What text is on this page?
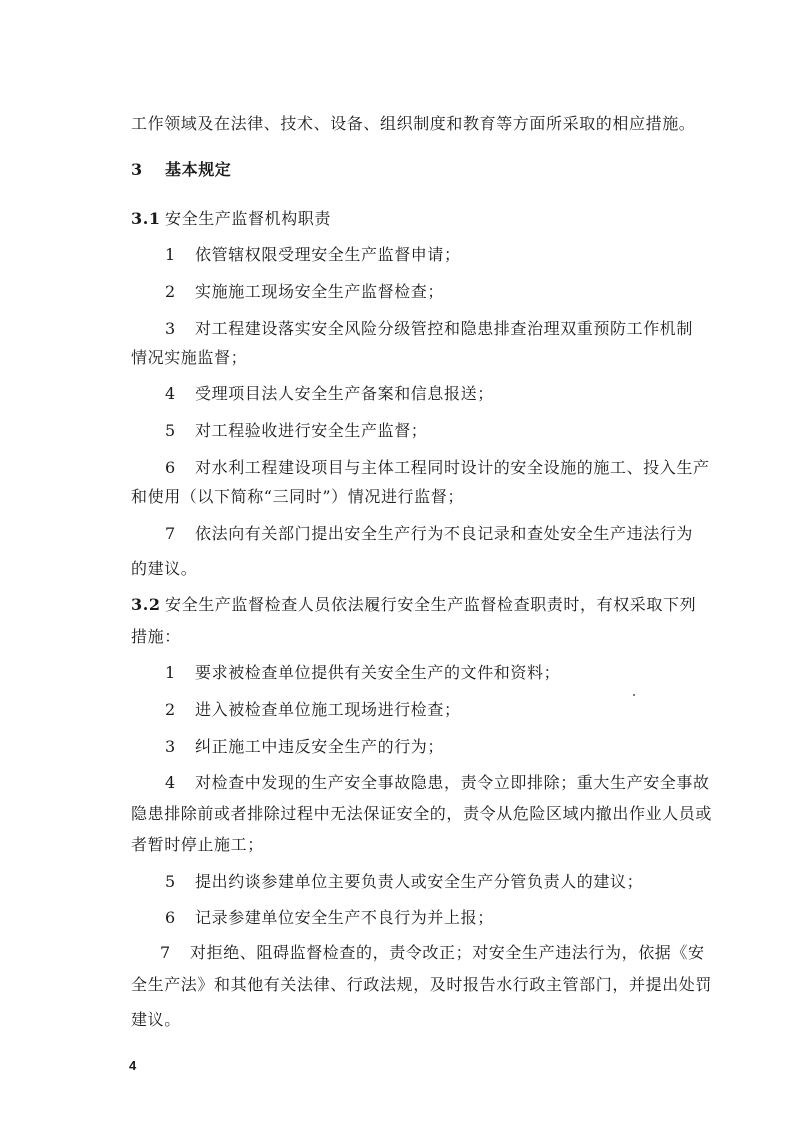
工作领域及在法律、技术、设备、组织制度和教育等方面所采取的相应措施。
3 基本规定
3.1 安全生产监督机构职责
1 依管辖权限受理安全生产监督申请；
2 实施施工现场安全生产监督检查；
3 对工程建设落实安全风险分级管控和隐患排查治理双重预防工作机制
情况实施监督；
4 受理项目法人安全生产备案和信息报送；
5 对工程验收进行安全生产监督；
6 对水利工程建设项目与主体工程同时设计的安全设施的施工、投入生产
和使用（以下简称“三同时”）情况进行监督；
7 依法向有关部门提出安全生产行为不良记录和查处安全生产违法行为
的建议。
3.2 安全生产监督检查人员依法履行安全生产监督检查职责时，有权采取下列
措施：
1 要求被检查单位提供有关安全生产的文件和资料；
2 进入被检查单位施工现场进行检查；
3 纠正施工中违反安全生产的行为；
4 对检查中发现的生产安全事故隐患，责令立即排除；重大生产安全事故
隐患排除前或者排除过程中无法保证安全的，责令从危险区域内撤出作业人员或
者暂时停止施工；
5 提出约谈参建单位主要负责人或安全生产分管负责人的建议；
6 记录参建单位安全生产不良行为并上报；
7 对拒绝、阻碍监督检查的，责令改正；对安全生产违法行为，依据《安
全生产法》和其他有关法律、行政法规，及时报告水行政主管部门，并提出处罚
建议。
4
